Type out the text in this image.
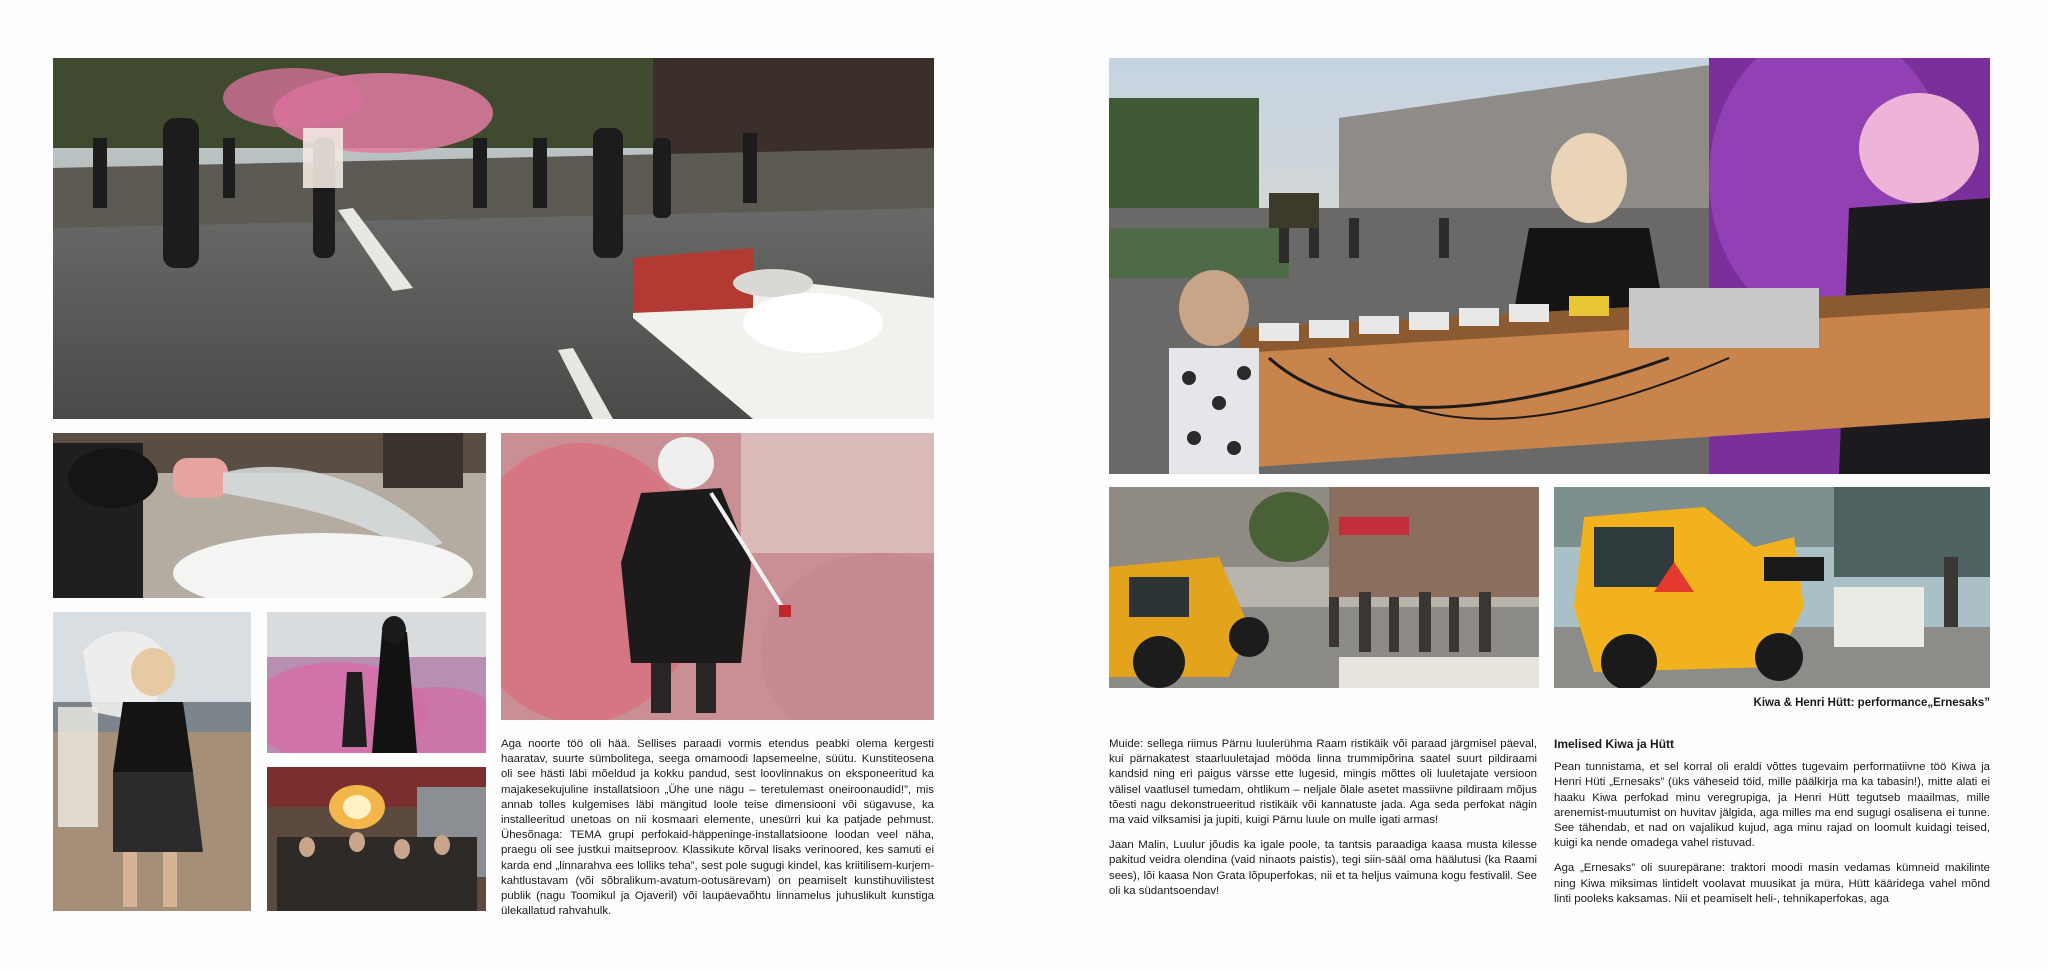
Aga noorte töö oli hää. Sellises paraadi vormis etendus peabki olema kergesti haaratav, suurte sümbolitega, seega omamoodi lapsemeelne, süütu. Kunstiteosena oli see hästi läbi mõeldud ja kokku pandud, sest loovlinnakus on eksponeeritud ka majakesekujuline installatsioon „Ühe une nägu – teretulemast oneiroonaudid!”, mis annab tolles kulgemises läbi mängitud loole teise dimensiooni või sügavuse, ka installeeritud unetoas on nii kosmaari elemente, unesürri kui ka patjade pehmust. Ühesõnaga: TEMA grupi perfokaid-häppeninge-installatsioone loodan veel näha, praegu oli see justkui maitseproov. Klassikute kõrval lisaks verinoored, kes samuti ei karda end „linnarahva ees lolliks teha”, sest pole sugugi kindel, kas kriitilisem-kurjem-kahtlustavam (või sõbralikum-avatum-ootusärevam) on peamiselt kunstihuvilistest publik (nagu Toomikul ja Ojaveril) või laupäevaõhtu linnamelus juhuslikult kunstiga ülekallatud rahvahulk.

Kiwa & Henri Hütt: performance„Ernesaks”

Muide: sellega riimus Pärnu luulerühma Raam ristikäik või paraad järgmisel päeval, kui pärnakatest staarluuletajad mööda linna trummipõrina saatel suurt pildiraami kandsid ning eri paigus värsse ette lugesid, mingis mõttes oli luuletajate versioon välisel vaatlusel tumedam, ohtlikum – neljale õlale asetet massiivne pildiraam mõjus tõesti nagu dekonstrueeritud ristikäik või kannatuste jada. Aga seda perfokat nägin ma vaid vilksamisi ja jupiti, kuigi Pärnu luule on mulle igati armas!

Jaan Malin, Luulur jõudis ka igale poole, ta tantsis paraadiga kaasa musta kilesse pakitud veidra olendina (vaid ninaots paistis), tegi siin-sääl oma häälutusi (ka Raami sees), lõi kaasa Non Grata lõpuperfokas, nii et ta heljus vaimuna kogu festivalil. See oli ka südantsoendav!

Imelised Kiwa ja Hütt

Pean tunnistama, et sel korral oli eraldi võttes tugevaim performatiivne töö Kiwa ja Henri Hüti „Ernesaks” (üks väheseid töid, mille päälkirja ma ka tabasin!), mitte alati ei haaku Kiwa perfokad minu veregrupiga, ja Henri Hütt tegutseb maailmas, mille arenemist-muutumist on huvitav jälgida, aga milles ma end sugugi osalisena ei tunne. See tähendab, et nad on vajalikud kujud, aga minu rajad on loomult kuidagi teised, kuigi ka nende omadega vahel ristuvad.

Aga „Ernesaks” oli suurepärane: traktori moodi masin vedamas kümneid makilinte ning Kiwa miksimas lintidelt voolavat muusikat ja müra, Hütt kääridega vahel mõnd linti pooleks kaksamas. Nii et peamiselt heli-, tehnikaperfokas, aga
